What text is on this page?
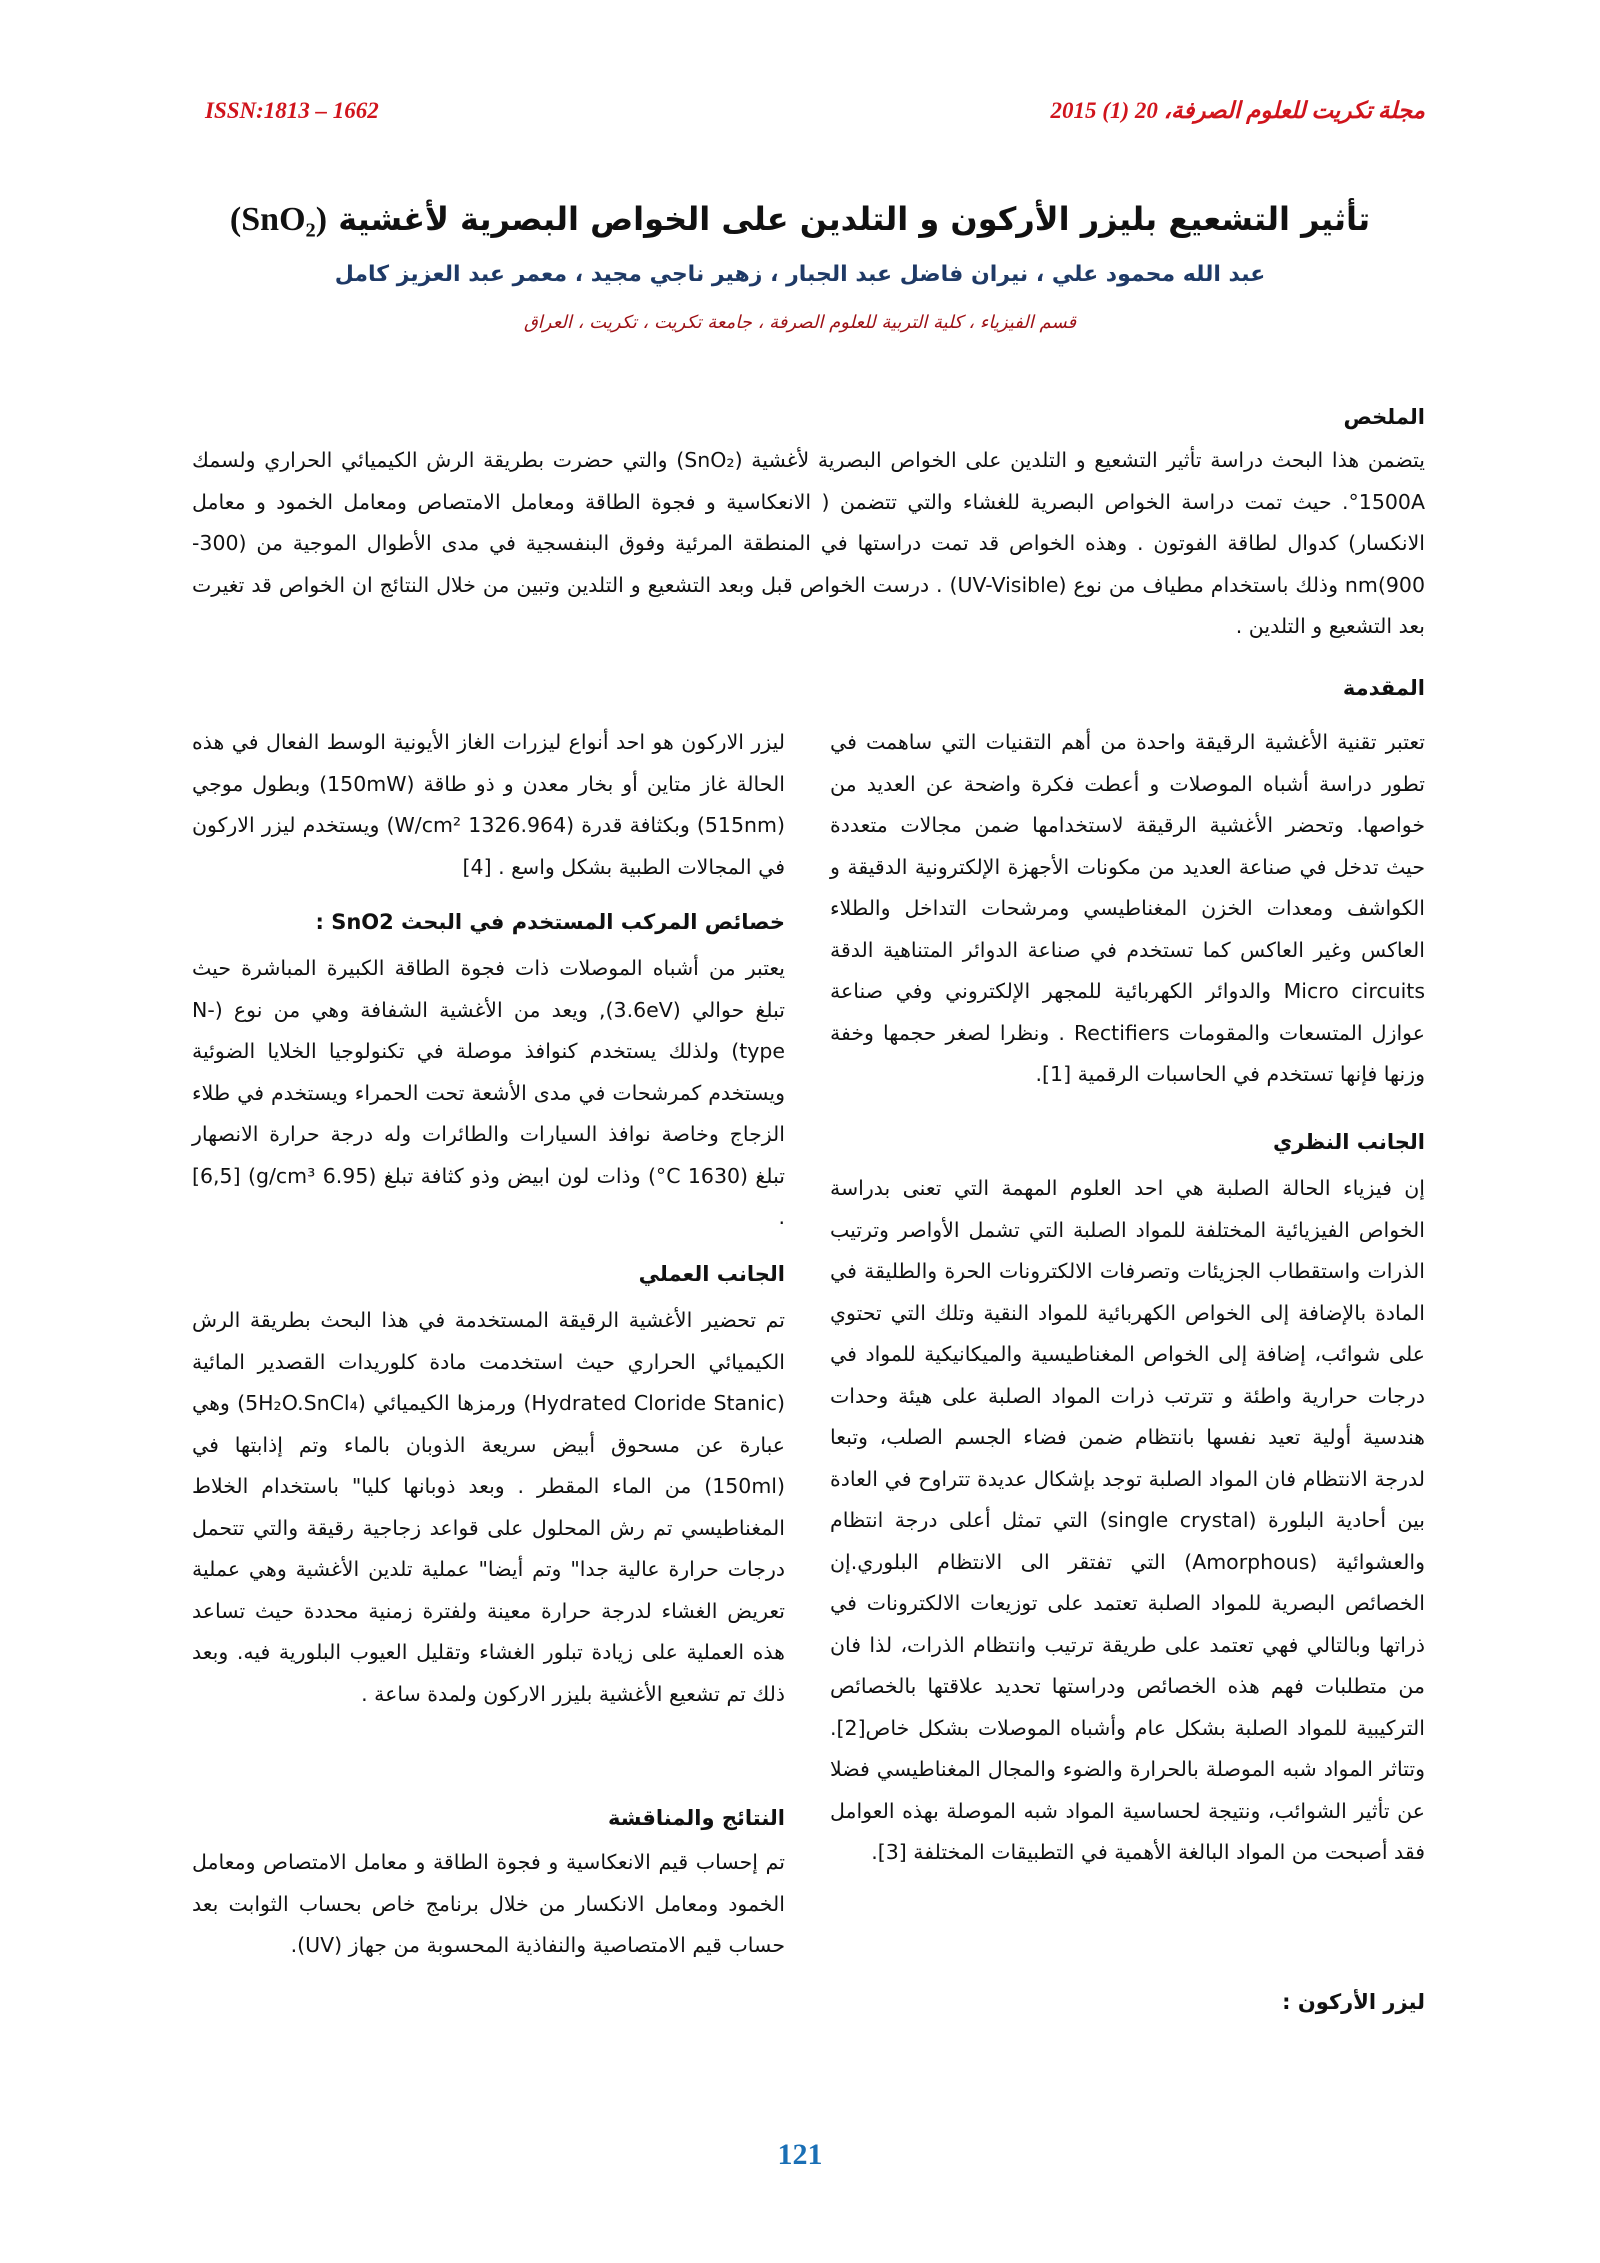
ISSN:1813 – 1662	مجلة تكريت للعلوم الصرفة، 20 (1) 2015
تأثير التشعيع بليزر الأركون و التلدين على الخواص البصرية لأغشية (SnO₂)
عبد الله محمود علي ، نيران فاضل عبد الجبار ، زهير ناجي مجيد ، معمر عبد العزيز كامل
قسم الفيزياء ، كلية التربية للعلوم الصرفة ، جامعة تكريت ، تكريت ، العراق
الملخص
يتضمن هذا البحث دراسة تأثير التشعيع و التلدين على الخواص البصرية لأغشية (SnO₂) والتي حضرت بطريقة الرش الكيميائي الحراري ولسمك 1500A°. حيث تمت دراسة الخواص البصرية للغشاء والتي تتضمن ( الانعكاسية و فجوة الطاقة ومعامل الامتصاص ومعامل الخمود و معامل الانكسار) كدوال لطاقة الفوتون . وهذه الخواص قد تمت دراستها في المنطقة المرئية وفوق البنفسجية في مدى الأطوال الموجية من (300-900)nm وذلك باستخدام مطياف من نوع (UV-Visible) . درست الخواص قبل وبعد التشعيع و التلدين وتبين من خلال النتائج ان الخواص قد تغيرت بعد التشعيع و التلدين .
المقدمة
تعتبر تقنية الأغشية الرقيقة واحدة من أهم التقنيات التي ساهمت في تطور دراسة أشباه الموصلات و أعطت فكرة واضحة عن العديد من خواصها. وتحضر الأغشية الرقيقة لاستخدامها ضمن مجالات متعددة حيث تدخل في صناعة العديد من مكونات الأجهزة الإلكترونية الدقيقة و الكواشف ومعدات الخزن المغناطيسي ومرشحات التداخل والطلاء العاكس وغير العاكس كما تستخدم في صناعة الدوائر المتناهية الدقة Micro circuits والدوائر الكهربائية للمجهر الإلكتروني وفي صناعة عوازل المتسعات والمقومات Rectifiers . ونظرا لصغر حجمها وخفة وزنها فإنها تستخدم في الحاسبات الرقمية [1].
الجانب النظري
إن فيزياء الحالة الصلبة هي احد العلوم المهمة التي تعنى بدراسة الخواص الفيزيائية المختلفة للمواد الصلبة التي تشمل الأواصر وترتيب الذرات واستقطاب الجزيئات وتصرفات الالكترونات الحرة والطليقة في المادة بالإضافة إلى الخواص الكهربائية للمواد النقية وتلك التي تحتوي على شوائب، إضافة إلى الخواص المغناطيسية والميكانيكية للمواد في درجات حرارية واطئة و تترتب ذرات المواد الصلبة على هيئة وحدات هندسية أولية تعيد نفسها بانتظام ضمن فضاء الجسم الصلب، وتبعا لدرجة الانتظام فان المواد الصلبة توجد بإشكال عديدة تتراوح في العادة بين أحادية البلورة (single crystal) التي تمثل أعلى درجة انتظام والعشوائية (Amorphous) التي تفتقر الى الانتظام البلوري.إن الخصائص البصرية للمواد الصلبة تعتمد على توزيعات الالكترونات في ذراتها وبالتالي فهي تعتمد على طريقة ترتيب وانتظام الذرات، لذا فان من متطلبات فهم هذه الخصائص ودراستها تحديد علاقتها بالخصائص التركيبية للمواد الصلبة بشكل عام وأشباه الموصلات بشكل خاص[2]. وتتاثر المواد شبه الموصلة بالحرارة والضوء والمجال المغناطيسي فضلا عن تأثير الشوائب، ونتيجة لحساسية المواد شبه الموصلة بهذه العوامل فقد أصبحت من المواد البالغة الأهمية في التطبيقات المختلفة [3].
ليزر الأركون :
ليزر الاركون هو احد أنواع ليزرات الغاز الأيونية الوسط الفعال في هذه الحالة غاز متاين أو بخار معدن و ذو طاقة (150mW) وبطول موجي (515nm) وبكثافة قدرة (1326.964 W/cm²) ويستخدم ليزر الاركون في المجالات الطبية بشكل واسع . [4]
خصائص المركب المستخدم في البحث SnO2 :
يعتبر من أشباه الموصلات ذات فجوة الطاقة الكبيرة المباشرة حيث تبلغ حوالي (3.6eV), ويعد من الأغشية الشفافة وهي من نوع (N-type) ولذلك يستخدم كنوافذ موصلة في تكنولوجيا الخلايا الضوئية ويستخدم كمرشحات في مدى الأشعة تحت الحمراء ويستخدم في طلاء الزجاج وخاصة نوافذ السيارات والطائرات وله درجة حرارة الانصهار تبلغ (1630 C°) وذات لون ابيض وذو كثافة تبلغ (6.95 g/cm³) [6,5] .
الجانب العملي
تم تحضير الأغشية الرقيقة المستخدمة في هذا البحث بطريقة الرش الكيميائي الحراري حيث استخدمت مادة كلوريدات القصدير المائية (Hydrated Cloride Stanic) ورمزها الكيميائي (5H₂O.SnCl₄) وهي عبارة عن مسحوق أبيض سريعة الذوبان بالماء وتم إذابتها في (150ml) من الماء المقطر . وبعد ذوبانها كليا" باستخدام الخلاط المغناطيسي تم رش المحلول على قواعد زجاجية رقيقة والتي تتحمل درجات حرارة عالية جدا" وتم أيضا" عملية تلدين الأغشية وهي عملية تعريض الغشاء لدرجة حرارة معينة ولفترة زمنية محددة حيث تساعد هذه العملية على زيادة تبلور الغشاء وتقليل العيوب البلورية فيه. وبعد ذلك تم تشعيع الأغشية بليزر الاركون ولمدة ساعة .
النتائج والمناقشة
تم إحساب قيم الانعكاسية و فجوة الطاقة و معامل الامتصاص ومعامل الخمود ومعامل الانكسار من خلال برنامج خاص بحساب الثوابت بعد حساب قيم الامتصاصية والنفاذية المحسوبة من جهاز (UV).
121
